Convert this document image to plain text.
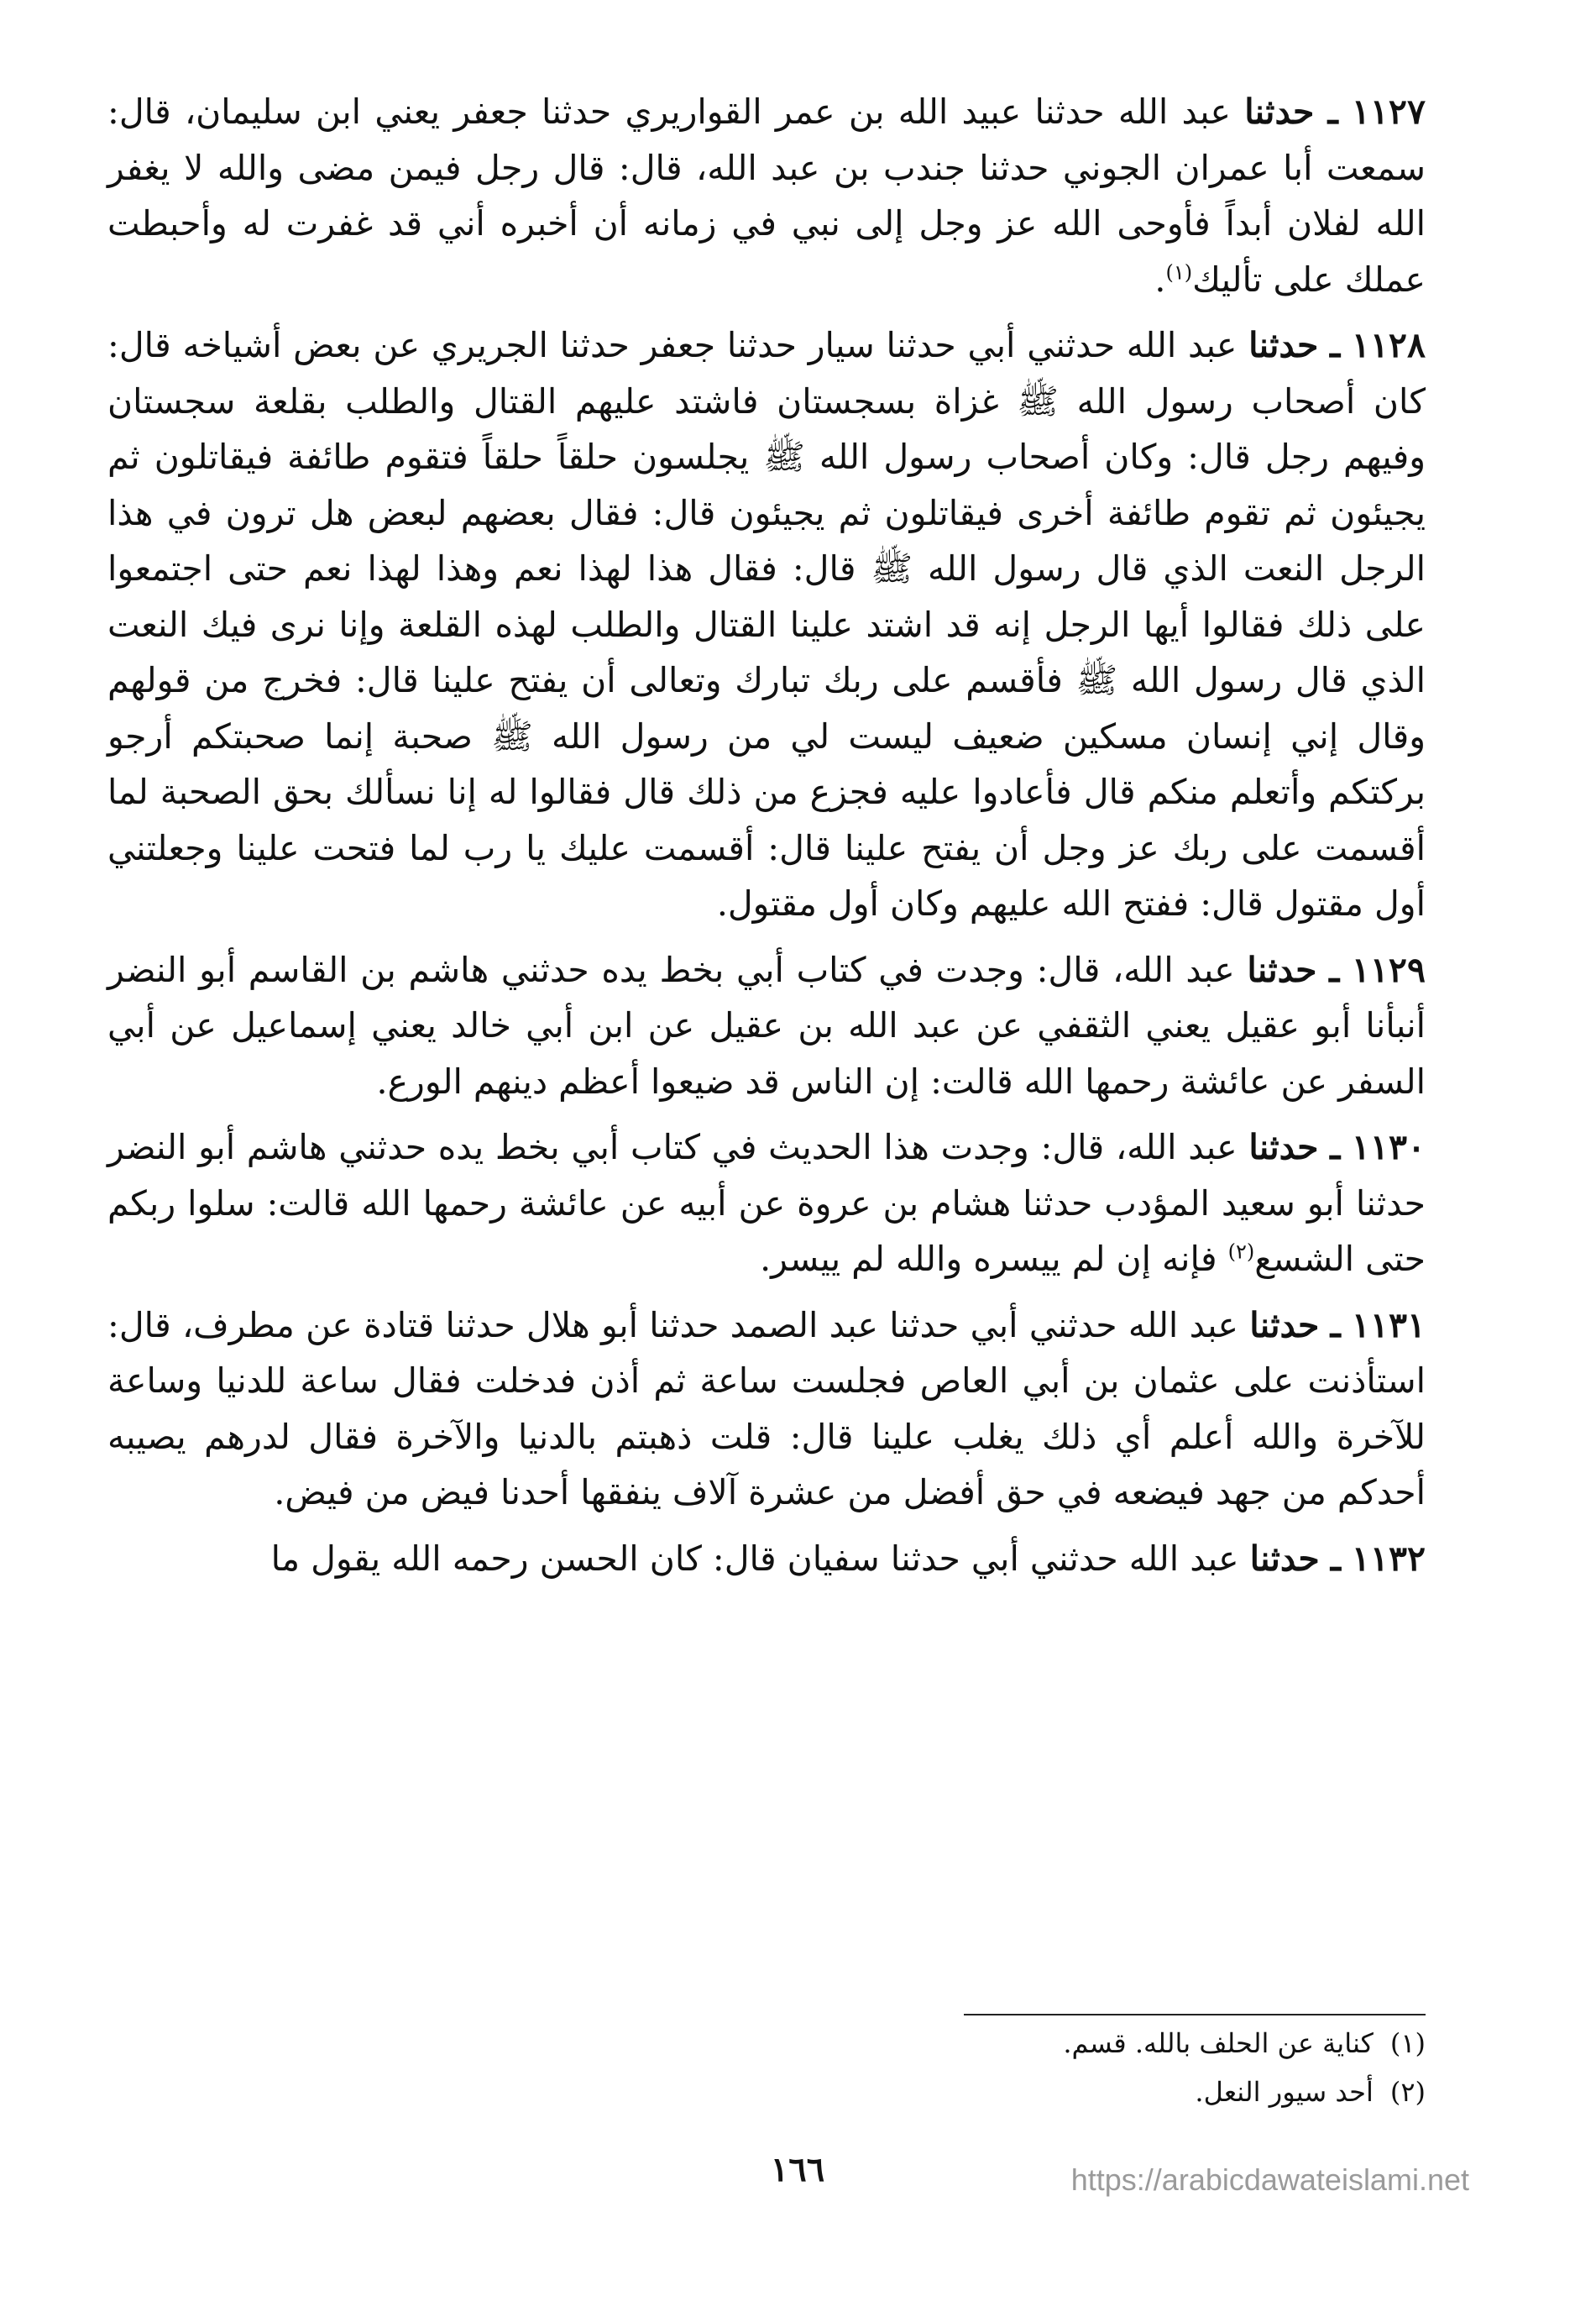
١١٢٧ ـ حدثنا عبد الله حدثنا عبيد الله بن عمر القواريري حدثنا جعفر يعني ابن سليمان، قال: سمعت أبا عمران الجوني حدثنا جندب بن عبد الله، قال: قال رجل فيمن مضى والله لا يغفر الله لفلان أبداً فأوحى الله عز وجل إلى نبي في زمانه أن أخبره أني قد غفرت له وأحبطت عملك على تأليك$^{(١)}$.

١١٢٨ ـ حدثنا عبد الله حدثني أبي حدثنا سيار حدثنا جعفر حدثنا الجريري عن بعض أشياخه قال: كان أصحاب رسول الله ﷺ غزاة بسجستان فاشتد عليهم القتال والطلب بقلعة سجستان وفيهم رجل قال: وكان أصحاب رسول الله ﷺ يجلسون حلقاً حلقاً فتقوم طائفة فيقاتلون ثم يجيئون ثم تقوم طائفة أخرى فيقاتلون ثم يجيئون قال: فقال بعضهم لبعض هل ترون في هذا الرجل النعت الذي قال رسول الله ﷺ قال: فقال هذا لهذا نعم وهذا لهذا نعم حتى اجتمعوا على ذلك فقالوا أيها الرجل إنه قد اشتد علينا القتال والطلب لهذه القلعة وإنا نرى فيك النعت الذي قال رسول الله ﷺ فأقسم على ربك تبارك وتعالى أن يفتح علينا قال: فخرج من قولهم وقال إني إنسان مسكين ضعيف ليست لي من رسول الله ﷺ صحبة إنما صحبتكم أرجو بركتكم وأتعلم منكم قال فأعادوا عليه فجزع من ذلك قال فقالوا له إنا نسألك بحق الصحبة لما أقسمت على ربك عز وجل أن يفتح علينا قال: أقسمت عليك يا رب لما فتحت علينا وجعلتني أول مقتول قال: ففتح الله عليهم وكان أول مقتول.

١١٢٩ ـ حدثنا عبد الله، قال: وجدت في كتاب أبي بخط يده حدثني هاشم بن القاسم أبو النضر أنبأنا أبو عقيل يعني الثقفي عن عبد الله بن عقيل عن ابن أبي خالد يعني إسماعيل عن أبي السفر عن عائشة رحمها الله قالت: إن الناس قد ضيعوا أعظم دينهم الورع.

١١٣٠ ـ حدثنا عبد الله، قال: وجدت هذا الحديث في كتاب أبي بخط يده حدثني هاشم أبو النضر حدثنا أبو سعيد المؤدب حدثنا هشام بن عروة عن أبيه عن عائشة رحمها الله قالت: سلوا ربكم حتى الشسع$^{(٢)}$ فإنه إن لم ييسره والله لم ييسر.

١١٣١ ـ حدثنا عبد الله حدثني أبي حدثنا عبد الصمد حدثنا أبو هلال حدثنا قتادة عن مطرف، قال: استأذنت على عثمان بن أبي العاص فجلست ساعة ثم أذن فدخلت فقال ساعة للدنيا وساعة للآخرة والله أعلم أي ذلك يغلب علينا قال: قلت ذهبتم بالدنيا والآخرة فقال لدرهم يصيبه أحدكم من جهد فيضعه في حق أفضل من عشرة آلاف ينفقها أحدنا فيض من فيض.

١١٣٢ ـ حدثنا عبد الله حدثني أبي حدثنا سفيان قال: كان الحسن رحمه الله يقول ما

(١) كناية عن الحلف بالله. قسم.
(٢) أحد سيور النعل.
١٦٦	https://arabicdawateislami.net
